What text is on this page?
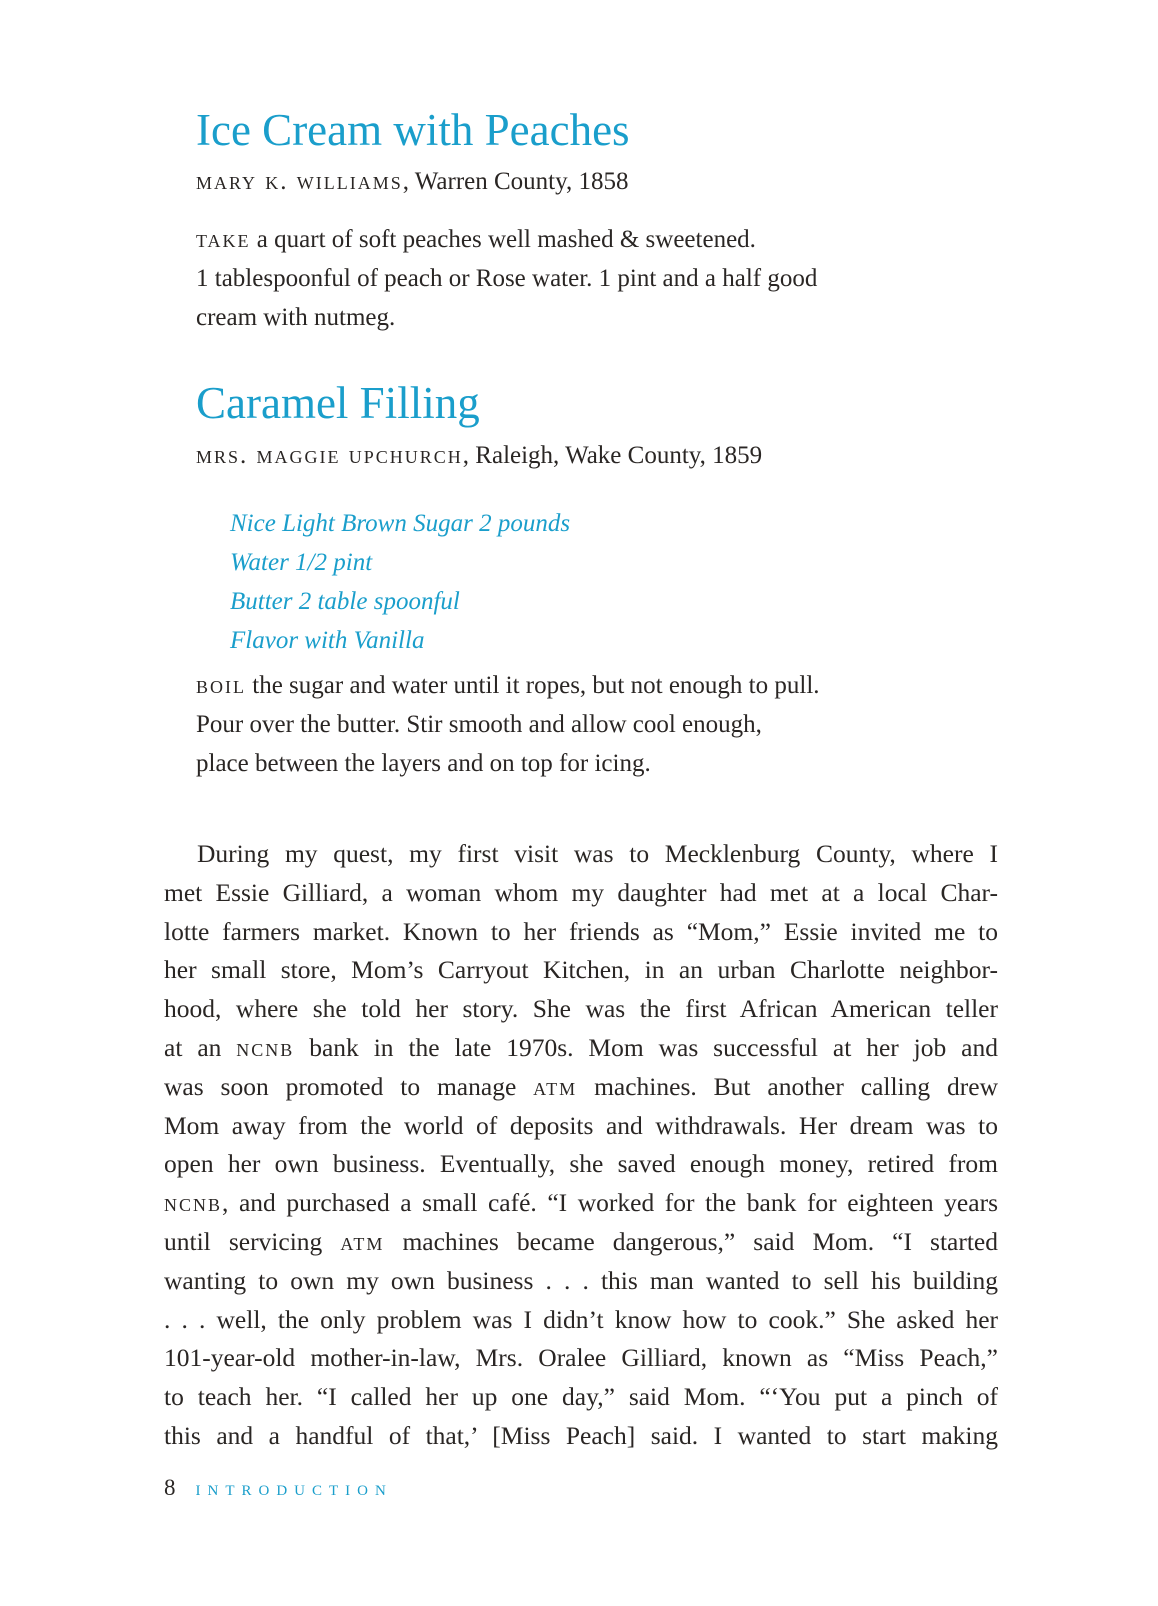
Ice Cream with Peaches

mary k. williams, Warren County, 1858

take a quart of soft peaches well mashed & sweetened.
1 tablespoonful of peach or Rose water. 1 pint and a half good
cream with nutmeg.

Caramel Filling

mrs. maggie upchurch, Raleigh, Wake County, 1859

Nice Light Brown Sugar 2 pounds
Water 1/2 pint
Butter 2 table spoonful
Flavor with Vanilla

boil the sugar and water until it ropes, but not enough to pull.
Pour over the butter. Stir smooth and allow cool enough,
place between the layers and on top for icing.

During my quest, my first visit was to Mecklenburg County, where I
met Essie Gilliard, a woman whom my daughter had met at a local Char-
lotte farmers market. Known to her friends as “Mom,” Essie invited me to
her small store, Mom’s Carryout Kitchen, in an urban Charlotte neighbor-
hood, where she told her story. She was the first African American teller
at an ncnb bank in the late 1970s. Mom was successful at her job and
was soon promoted to manage atm machines. But another calling drew
Mom away from the world of deposits and withdrawals. Her dream was to
open her own business. Eventually, she saved enough money, retired from
ncnb, and purchased a small café. “I worked for the bank for eighteen years
until servicing atm machines became dangerous,” said Mom. “I started
wanting to own my own business . . . this man wanted to sell his building
. . . well, the only problem was I didn’t know how to cook.” She asked her
101-year-old mother-in-law, Mrs. Oralee Gilliard, known as “Miss Peach,”
to teach her. “I called her up one day,” said Mom. “‘You put a pinch of
this and a handful of that,’ [Miss Peach] said. I wanted to start making

8 INTRODUCTION
